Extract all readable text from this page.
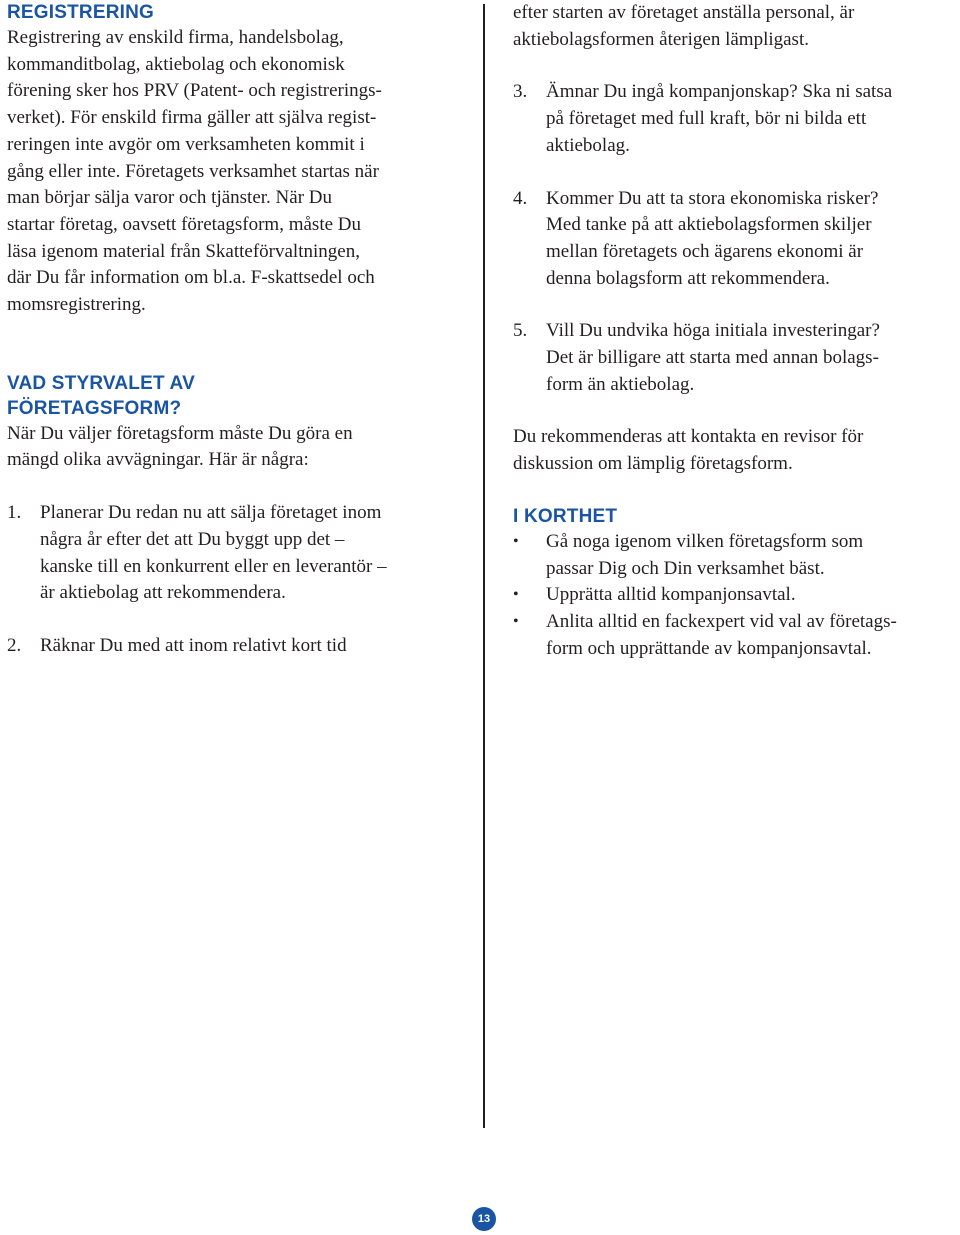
REGISTRERING

Registrering av enskild firma, handelsbolag,

kommanditbolag, aktiebolag och ekonomisk

förening sker hos PRV (Patent- och registrerings-

verket). För enskild firma gäller att själva regist-

reringen inte avgör om verksamheten kommit i

gång eller inte. Företagets verksamhet startas när

man börjar sälja varor och tjänster. När Du

startar företag, oavsett företagsform, måste Du

läsa igenom material från Skatteförvaltningen,

där Du får information om bl.a. F-skattsedel och

momsregistrering.

VAD STYRVALET AV
FÖRETAGSFORM?

När Du väljer företagsform måste Du göra en

mängd olika avvägningar. Här är några:

1. Planerar Du redan nu att sälja företaget inom

några år efter det att Du byggt upp det –

kanske till en konkurrent eller en leverantör –

är aktiebolag att rekommendera.

2. Räknar Du med att inom relativt kort tid

efter starten av företaget anställa personal, är

aktiebolagsformen återigen lämpligast.

3. Ämnar Du ingå kompanjonskap? Ska ni satsa

på företaget med full kraft, bör ni bilda ett

aktiebolag.

4. Kommer Du att ta stora ekonomiska risker?

Med tanke på att aktiebolagsformen skiljer

mellan företagets och ägarens ekonomi är

denna bolagsform att rekommendera.

5. Vill Du undvika höga initiala investeringar?

Det är billigare att starta med annan bolags-

form än aktiebolag.

Du rekommenderas att kontakta en revisor för

diskussion om lämplig företagsform.

I KORTHET
•	Gå noga igenom vilken företagsform som

passar Dig och Din verksamhet bäst.

•	Upprätta alltid kompanjonsavtal.

•	Anlita alltid en fackexpert vid val av företags-

form och upprättande av kompanjonsavtal.

13
